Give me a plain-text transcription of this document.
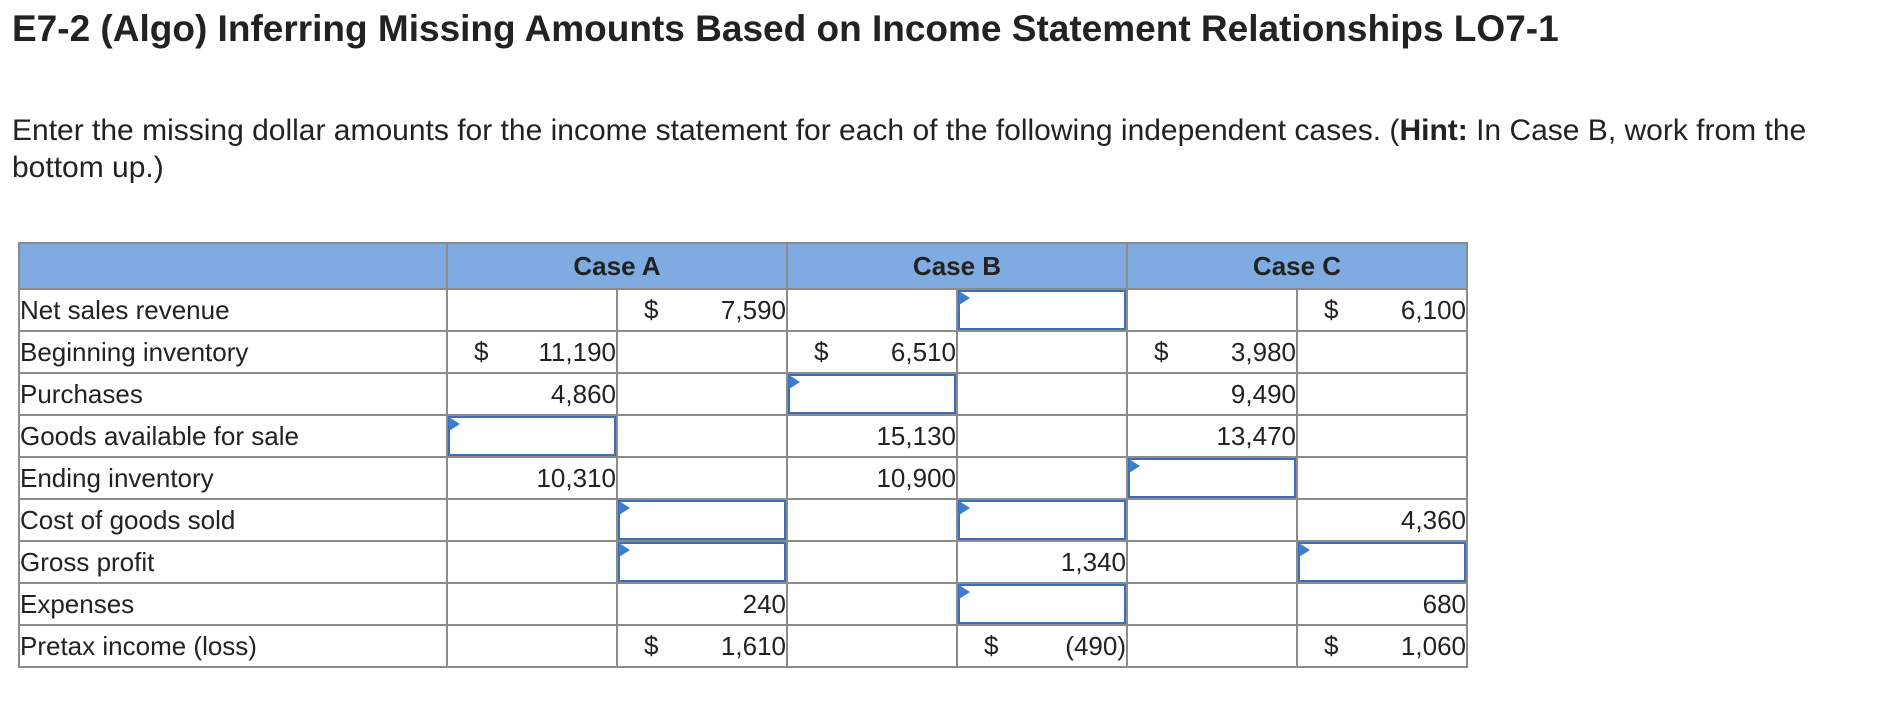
E7-2 (Algo) Inferring Missing Amounts Based on Income Statement Relationships LO7-1

Enter the missing dollar amounts for the income statement for each of the following independent cases. (Hint: In Case B, work from the bottom up.)

	Case A		Case B		Case C	
Net sales revenue		$ 7,590				$ 6,100
Beginning inventory	$ 11,190		$ 6,510		$ 3,980	
Purchases	4,860				9,490	
Goods available for sale			15,130		13,470	
Ending inventory	10,310		10,900		

Cost of goods sold						4,360
Gross profit				1,340		

Expenses		240				680
Pretax income (loss)		$ 1,610		$ (490)		$ 1,060
